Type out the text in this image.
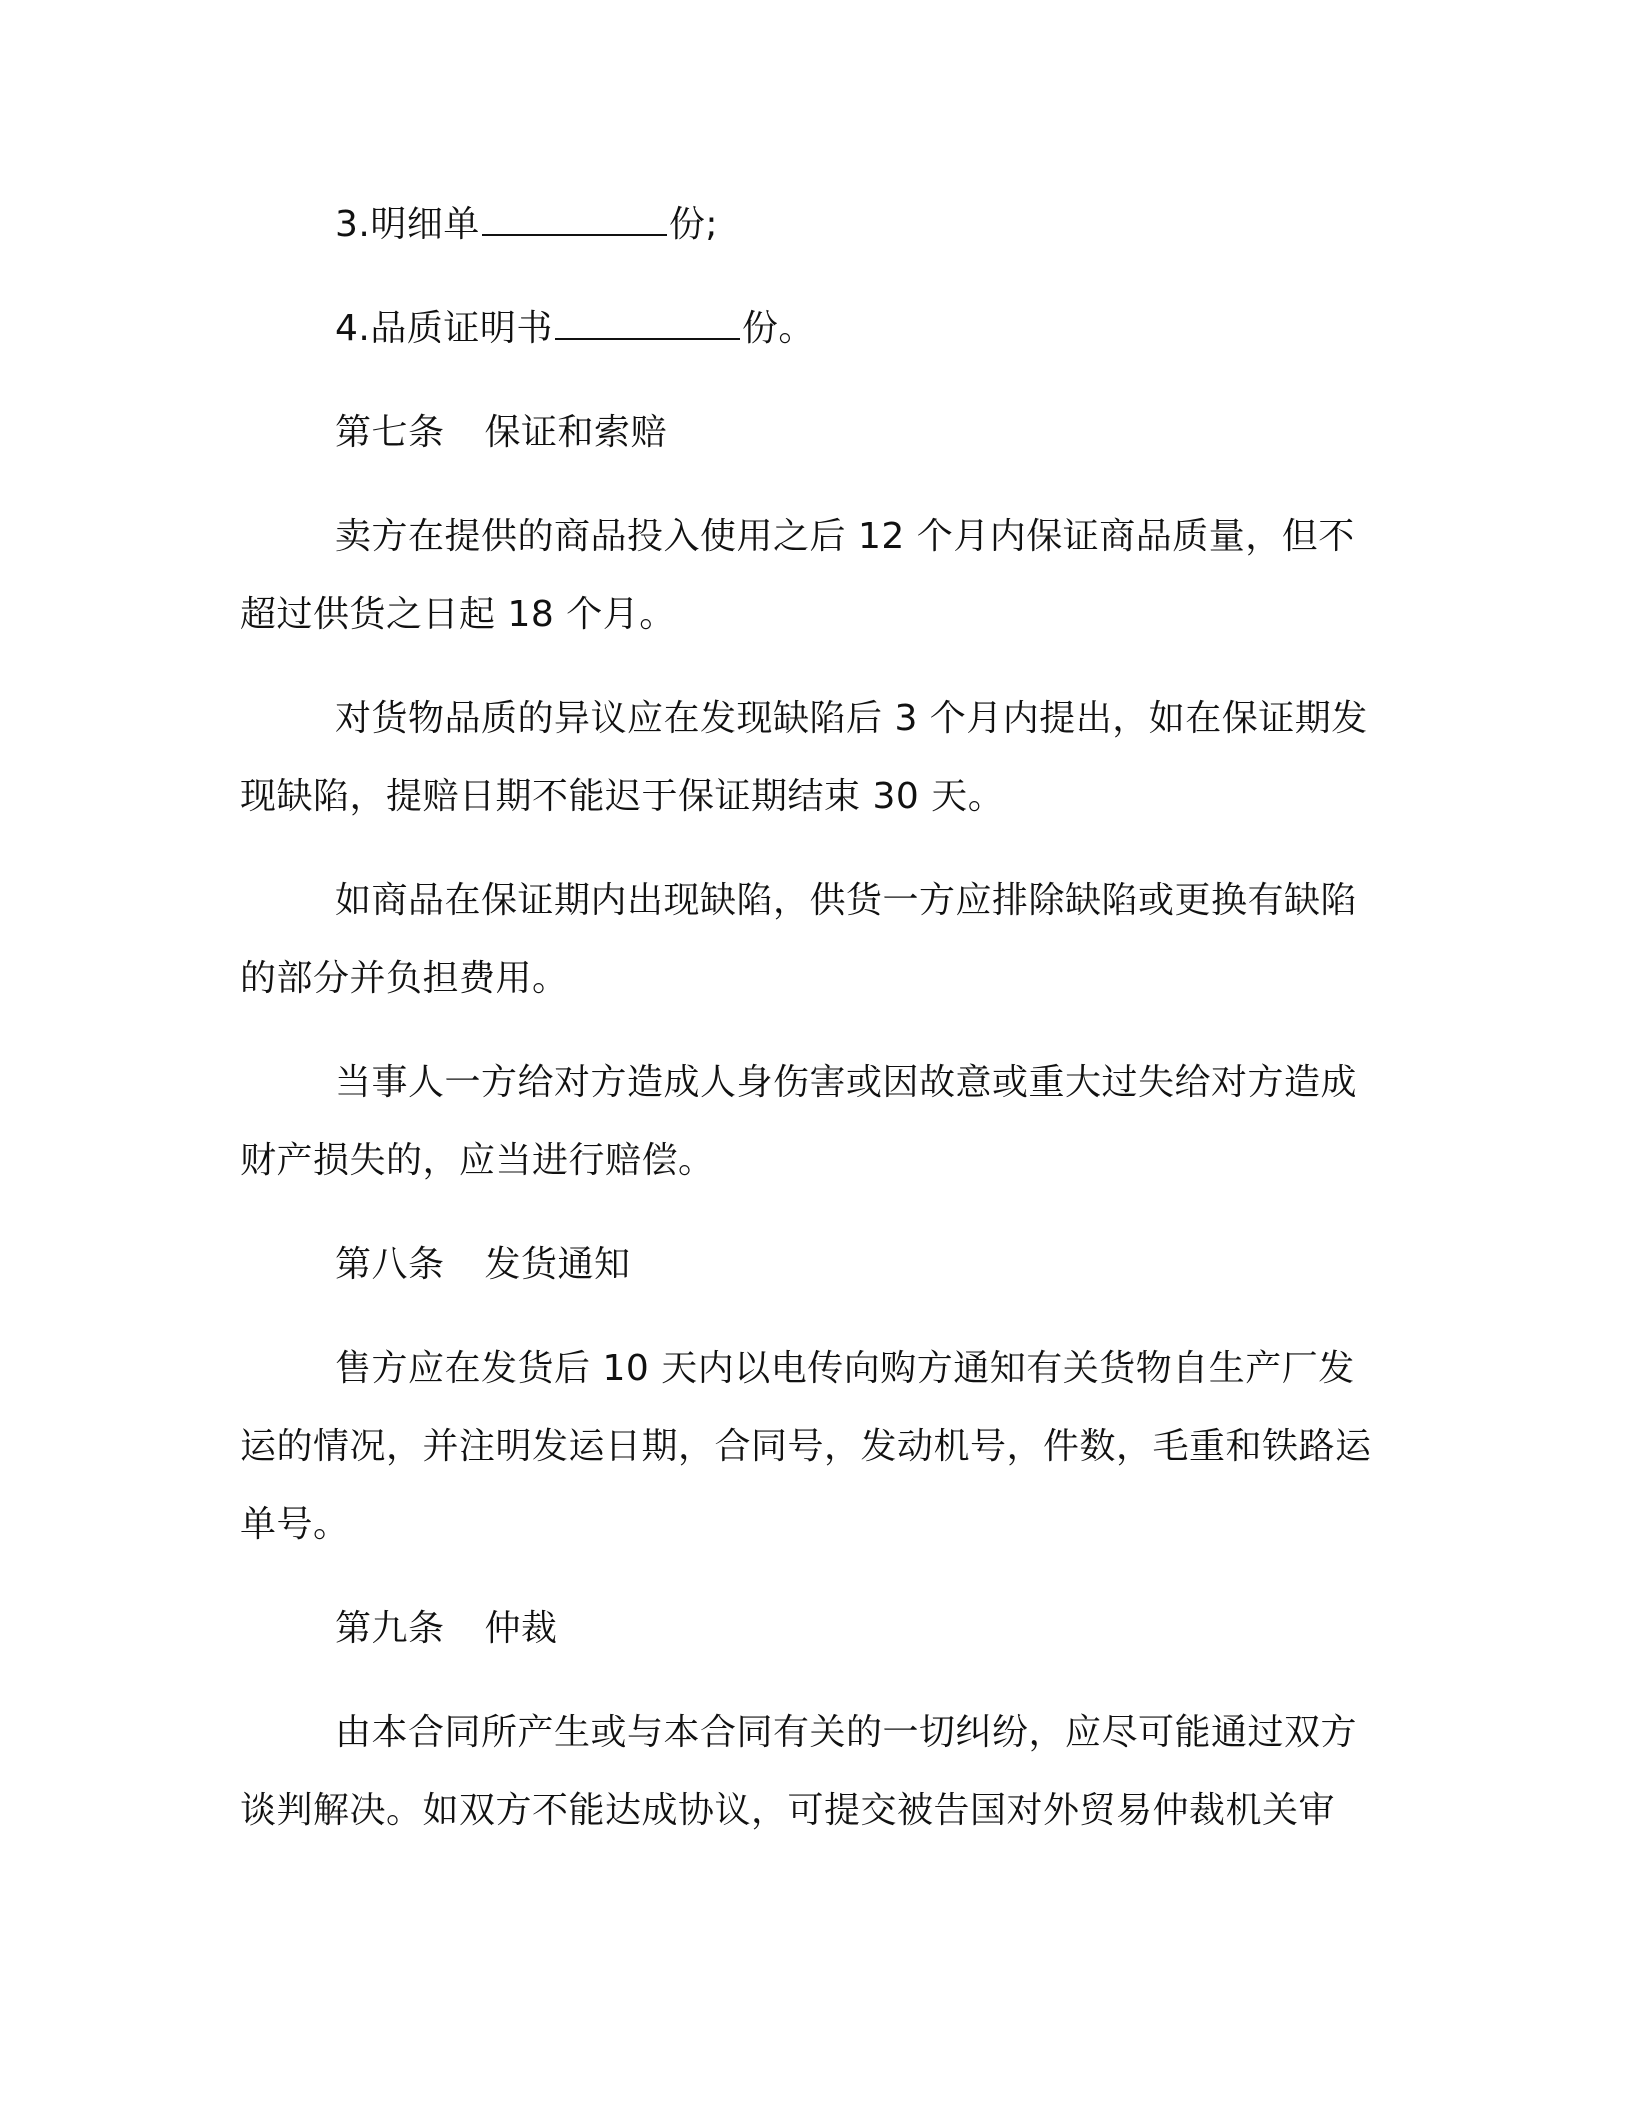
3.明细单	份;

4.品质证明书	份。

第七条 保证和索赔

卖方在提供的商品投入使用之后 12 个月内保证商品质量，但不超过供货之日起 18 个月。

对货物品质的异议应在发现缺陷后 3 个月内提出，如在保证期发现缺陷，提赔日期不能迟于保证期结束 30 天。

如商品在保证期内出现缺陷，供货一方应排除缺陷或更换有缺陷的部分并负担费用。

当事人一方给对方造成人身伤害或因故意或重大过失给对方造成财产损失的，应当进行赔偿。

第八条 发货通知

售方应在发货后 10 天内以电传向购方通知有关货物自生产厂发运的情况，并注明发运日期，合同号，发动机号，件数，毛重和铁路运单号。

第九条 仲裁

由本合同所产生或与本合同有关的一切纠纷，应尽可能通过双方谈判解决。如双方不能达成协议，可提交被告国对外贸易仲裁机关审
